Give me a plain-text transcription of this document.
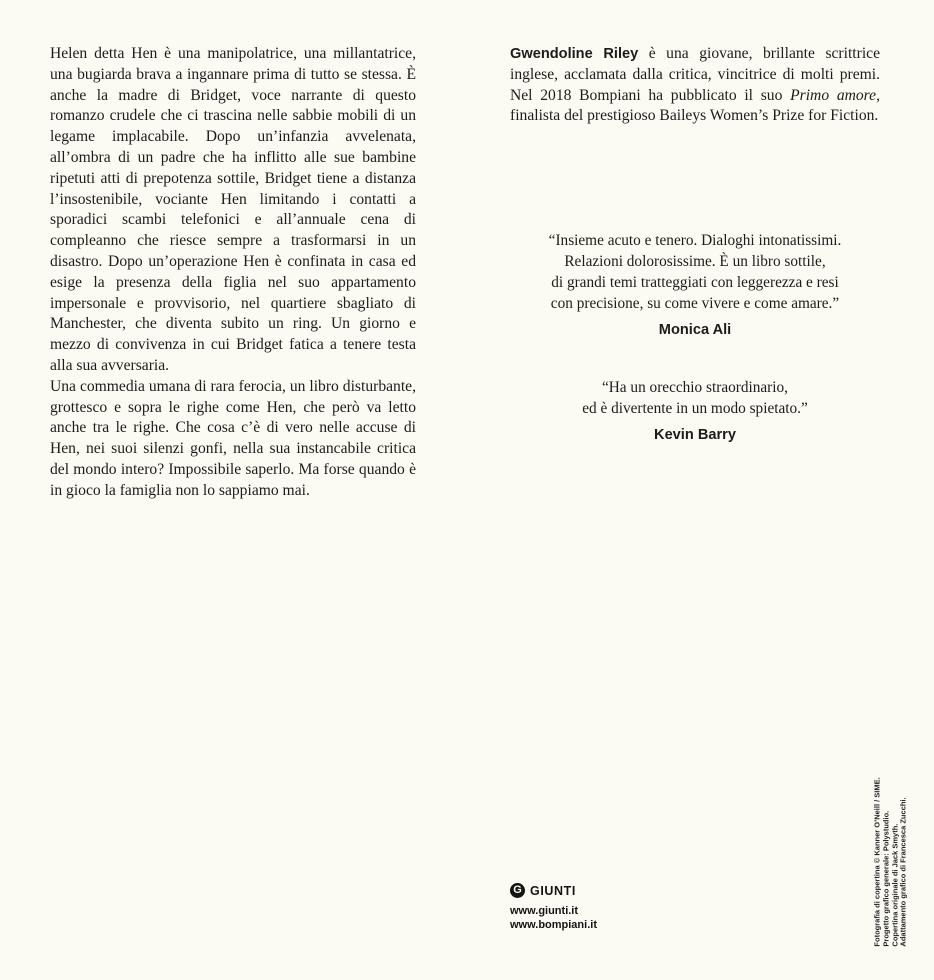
Helen detta Hen è una manipolatrice, una millantatrice, una bugiarda brava a ingannare prima di tutto se stessa. È anche la madre di Bridget, voce narrante di questo romanzo crudele che ci trascina nelle sabbie mobili di un legame implacabile. Dopo un’infanzia avvelenata, all’ombra di un padre che ha inflitto alle sue bambine ripetuti atti di prepotenza sottile, Bridget tiene a distanza l’insostenibile, vociante Hen limitando i contatti a sporadici scambi telefonici e all’annuale cena di compleanno che riesce sempre a trasformarsi in un disastro. Dopo un’operazione Hen è confinata in casa ed esige la presenza della figlia nel suo appartamento impersonale e provvisorio, nel quartiere sbagliato di Manchester, che diventa subito un ring. Un giorno e mezzo di convivenza in cui Bridget fatica a tenere testa alla sua avversaria.

Una commedia umana di rara ferocia, un libro disturbante, grottesco e sopra le righe come Hen, che però va letto anche tra le righe. Che cosa c’è di vero nelle accuse di Hen, nei suoi silenzi gonfi, nella sua instancabile critica del mondo intero? Impossibile saperlo. Ma forse quando è in gioco la famiglia non lo sappiamo mai.

Gwendoline Riley è una giovane, brillante scrittrice inglese, acclamata dalla critica, vincitrice di molti premi. Nel 2018 Bompiani ha pubblicato il suo Primo amore, finalista del prestigioso Baileys Women’s Prize for Fiction.
“Insieme acuto e tenero. Dialoghi intonatissimi.
Relazioni dolorosissime. È un libro sottile,
di grandi temi tratteggiati con leggerezza e resi
con precisione, su come vivere e come amare.”
Monica Ali
“Ha un orecchio straordinario,
ed è divertente in un modo spietato.”
Kevin Barry
G GIUNTI
www.giunti.it
www.bompiani.it	Fotografia di copertina © Kanner O’Neill / SIME. Progetto grafico generale: Polystudio. Copertina originale di Jack Smyth. Adattamento grafico di Francesca Zucchi.
